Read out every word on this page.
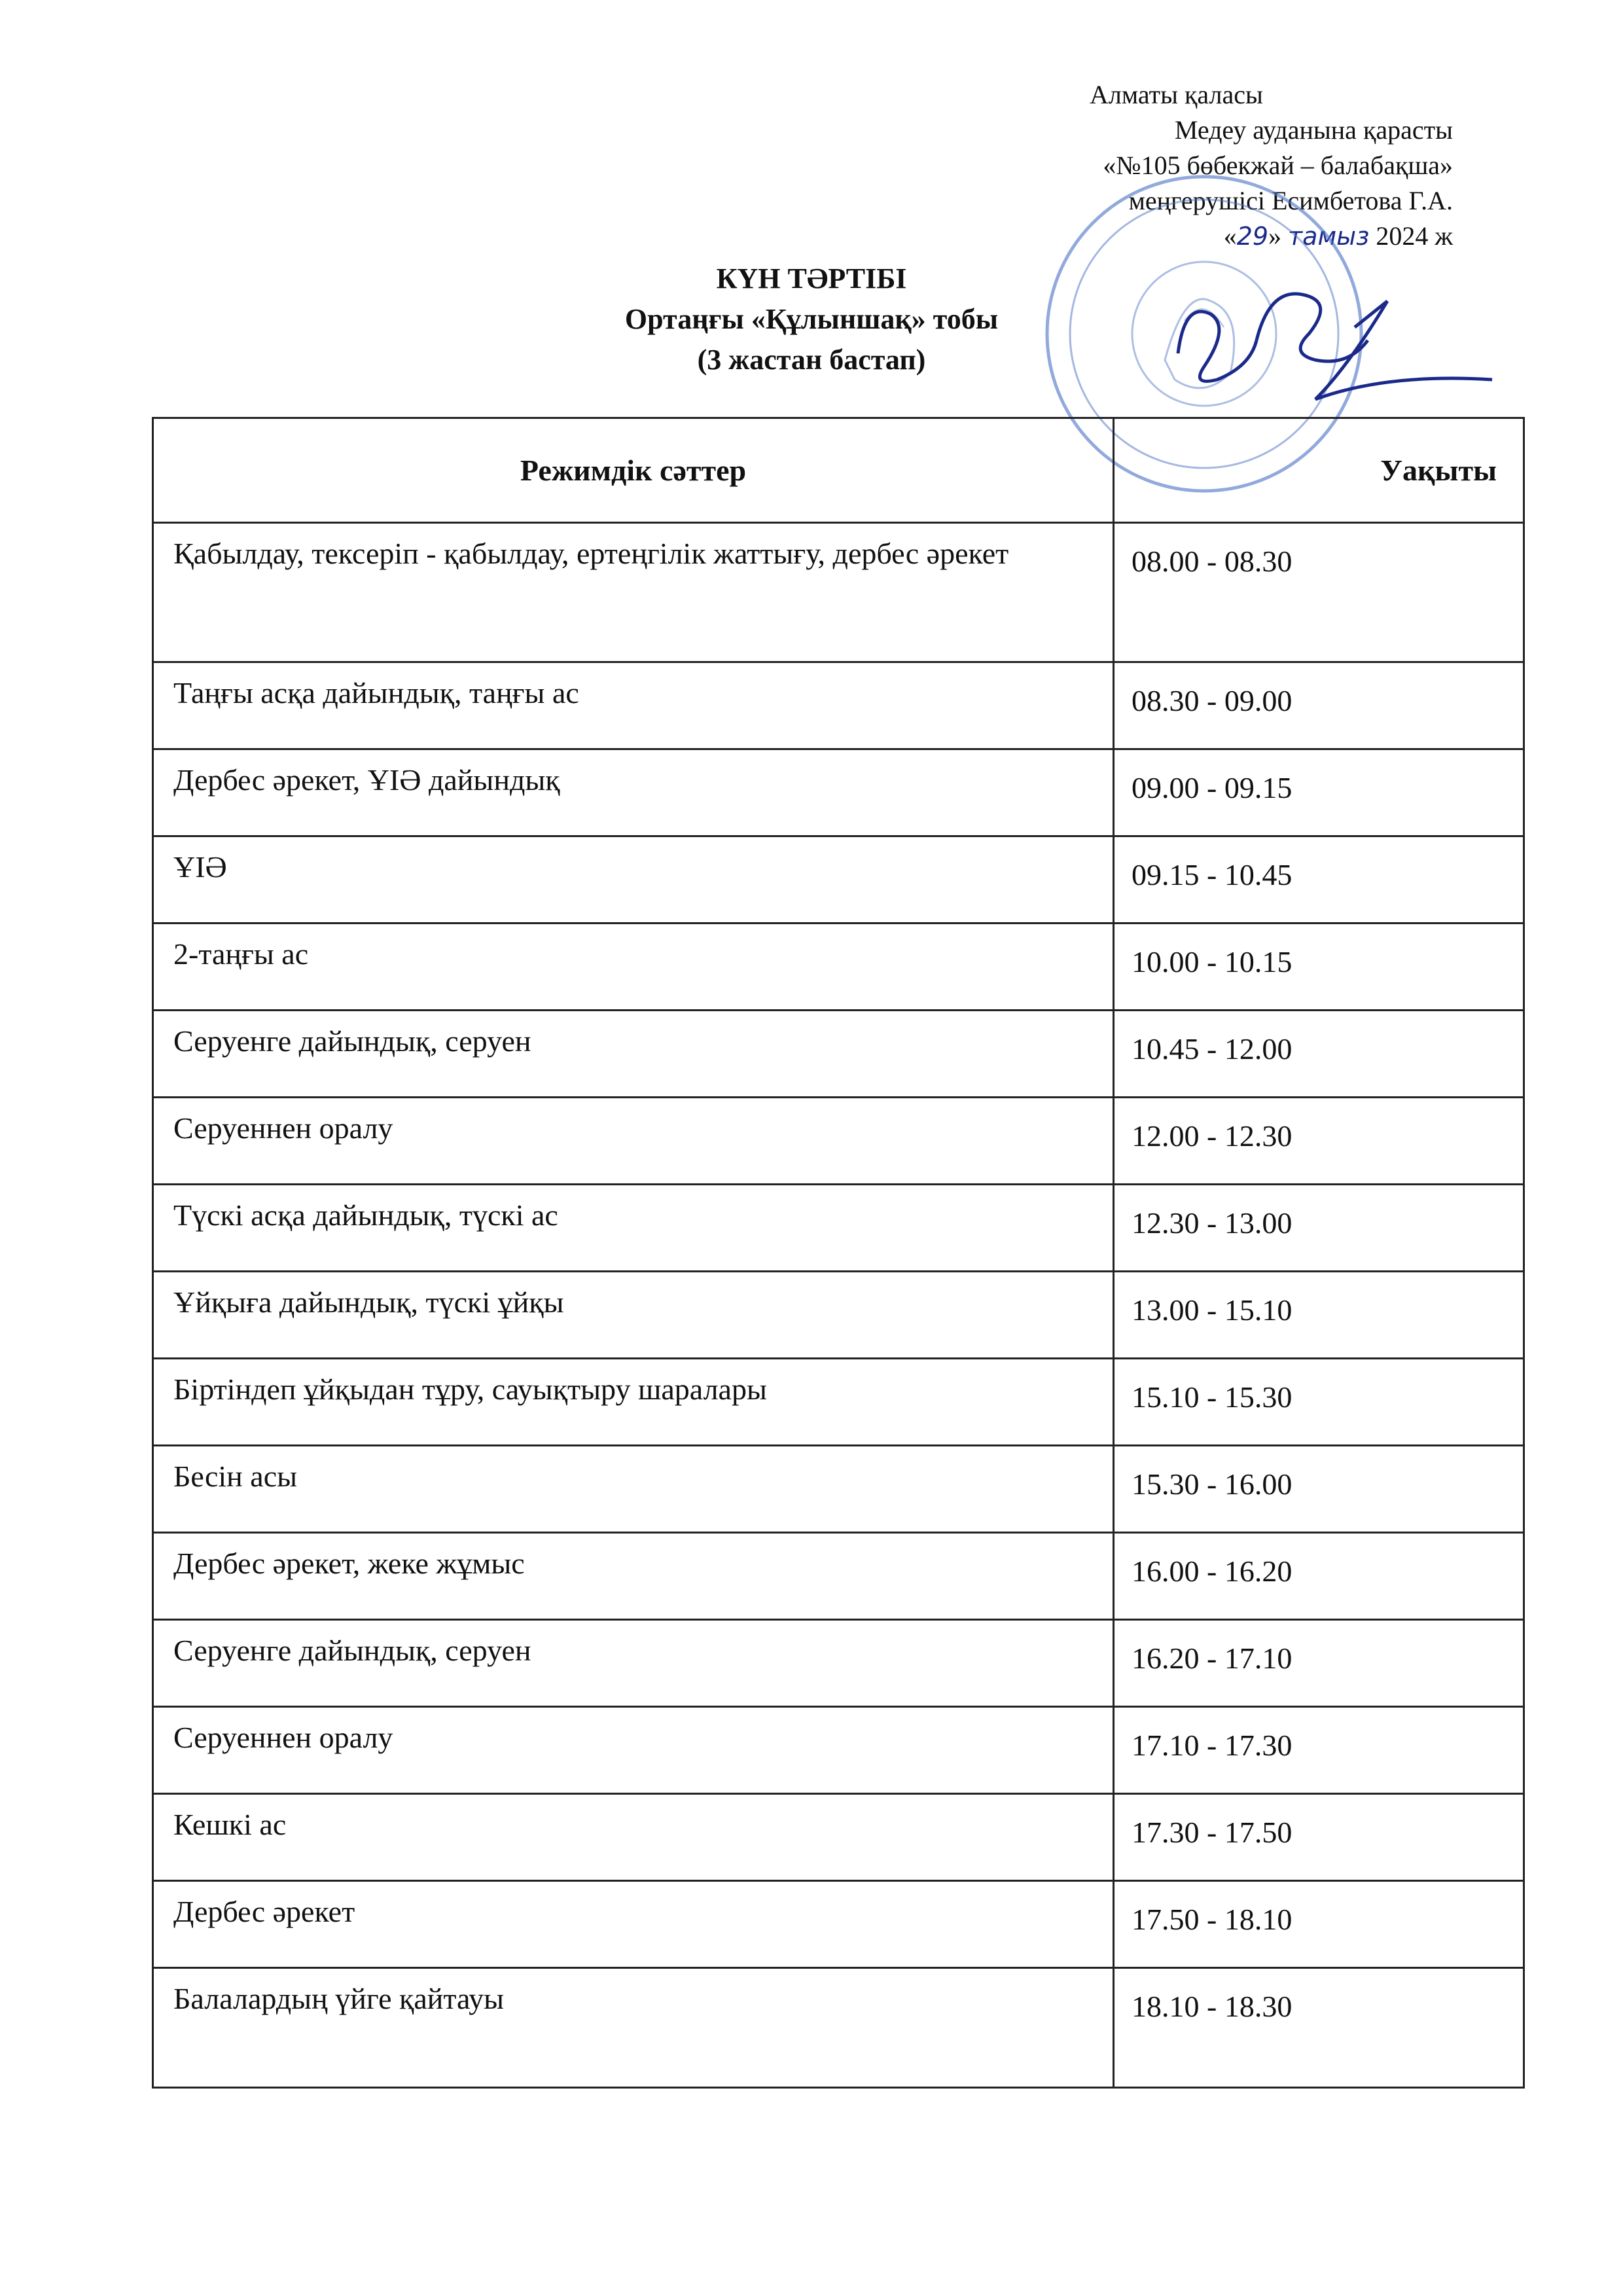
Алматы қаласы
Медеу ауданына қарасты
«№105 бөбекжай – балабақша»
меңгерушісі Есимбетова Г.А.
«29» тамыз 2024 ж
КҮН ТӘРТІБІ
Ортаңғы «Құлыншақ» тобы
(3 жастан бастап)
Режимдік сәттер	Уақыты
Қабылдау, тексеріп - қабылдау, ертеңгілік жаттығу, дербес әрекет	08.00 - 08.30
Таңғы асқа дайындық, таңғы ас	08.30 - 09.00
Дербес әрекет, ҰІӘ дайындық	09.00 - 09.15
ҰІӘ	09.15 - 10.45
2-таңғы ас	10.00 - 10.15
Серуенге дайындық, серуен	10.45 - 12.00
Серуеннен оралу	12.00 - 12.30
Түскі асқа дайындық, түскі ас	12.30 - 13.00
Ұйқыға дайындық, түскі ұйқы	13.00 - 15.10
Біртіндеп ұйқыдан тұру, сауықтыру шаралары	15.10 - 15.30
Бесін асы	15.30 - 16.00
Дербес әрекет, жеке жұмыс	16.00 - 16.20
Серуенге дайындық, серуен	16.20 - 17.10
Серуеннен оралу	17.10 - 17.30
Кешкі ас	17.30 - 17.50
Дербес әрекет	17.50 - 18.10
Балалардың үйге қайтауы	18.10 - 18.30
